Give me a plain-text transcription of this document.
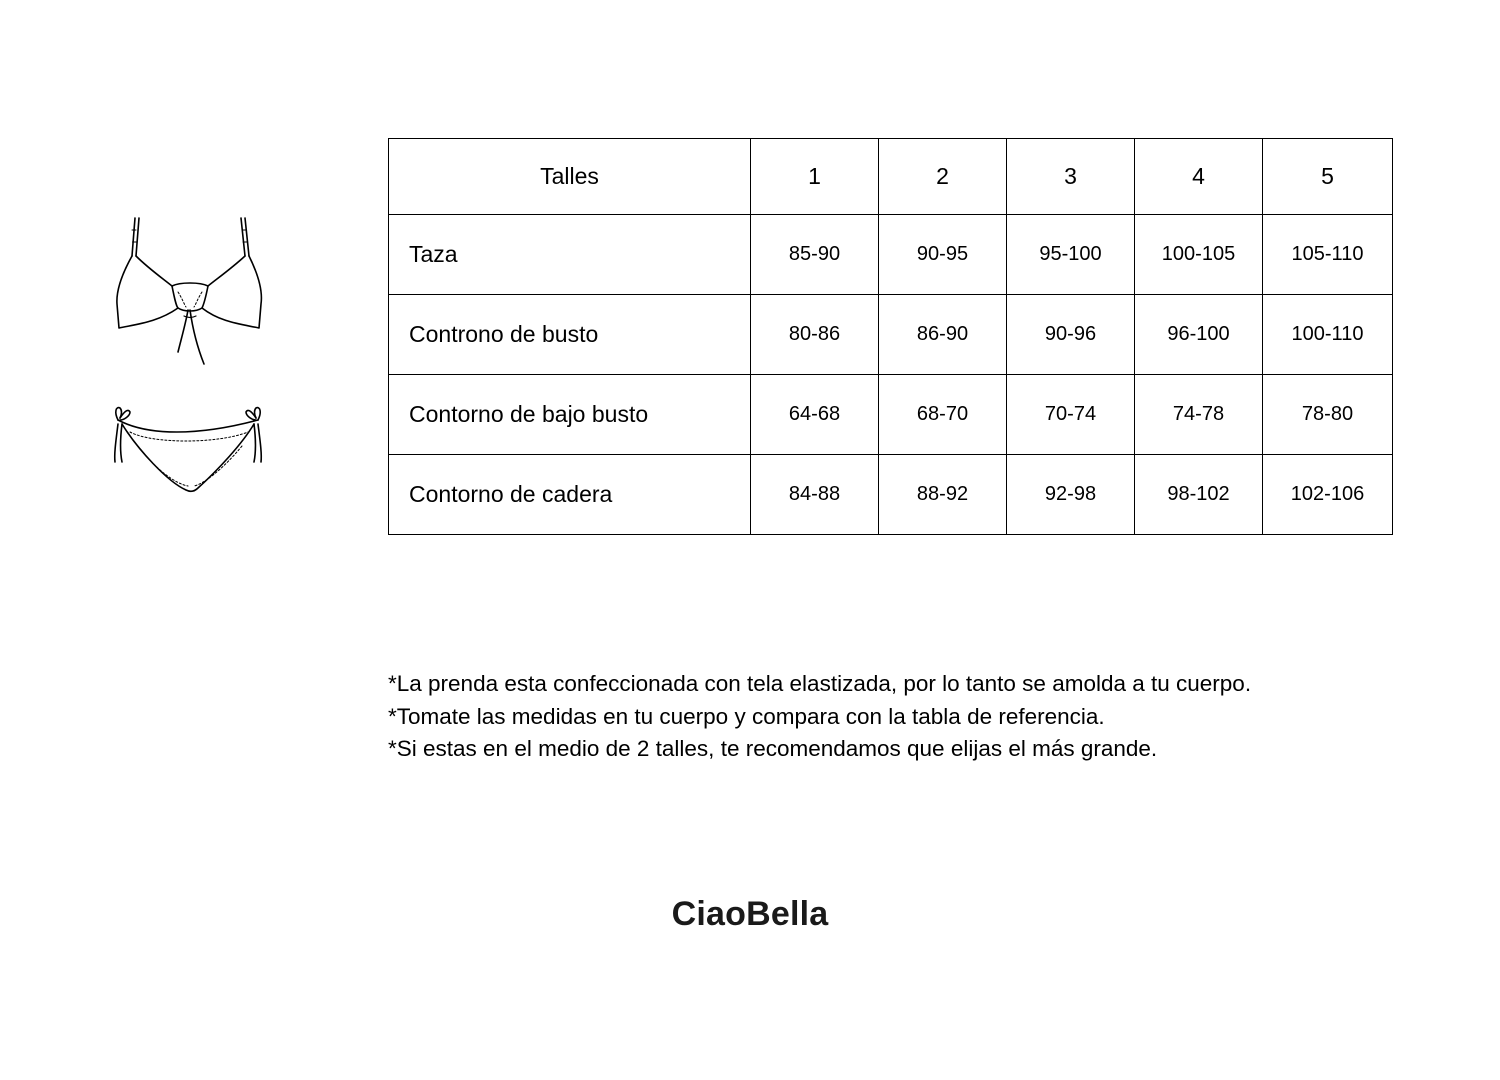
Talles	1	2	3	4	5
Taza	85-90	90-95	95-100	100-105	105-110
Controno de busto	80-86	86-90	90-96	96-100	100-110
Contorno de bajo busto	64-68	68-70	70-74	74-78	78-80
Contorno de cadera	84-88	88-92	92-98	98-102	102-106

*La prenda esta confeccionada con tela elastizada, por lo tanto se amolda a tu cuerpo.

*Tomate las medidas en tu cuerpo y compara con la tabla de referencia.

*Si estas en el medio de 2 talles, te recomendamos que elijas el más grande.

CiaoBella
